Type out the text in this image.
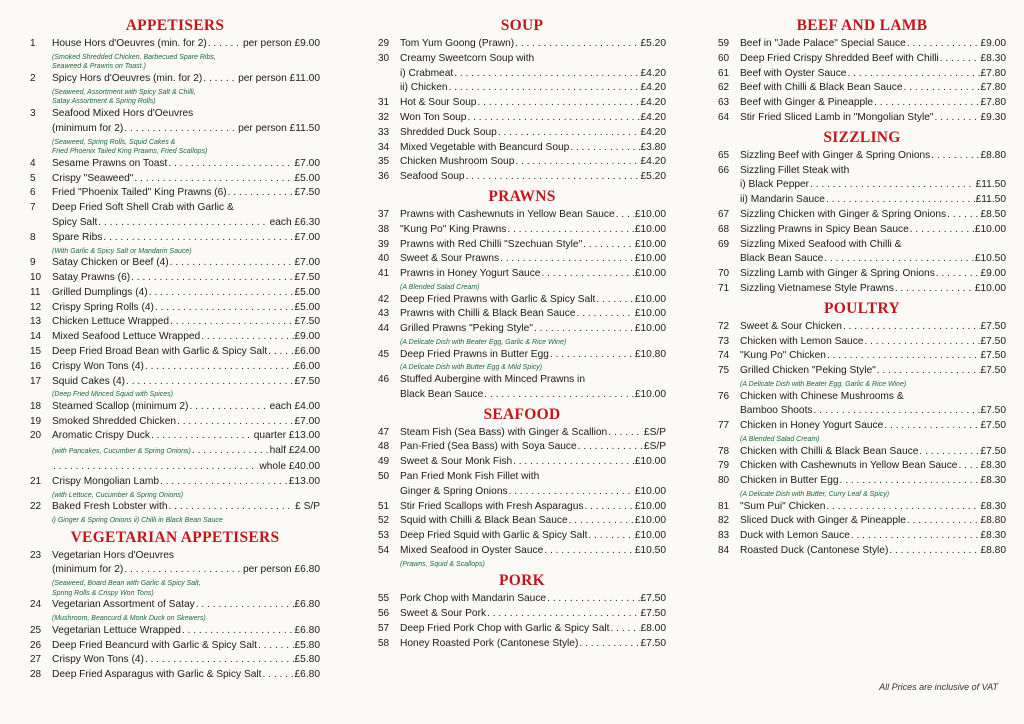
APPETISERS
1	House Hors d'Oeuvres (min. for 2) . . .	per person £9.00
(Smoked Shredded Chicken, Barbecued Spare Ribs,
Seaweed & Prawns on Toast.)
2	Spicy Hors d'Oeuvres (min. for 2) . . .	per person £11.00
(Seaweed, Assortment with Spicy Salt & Chilli,
Satay Assortment & Spring Rolls)
3	Seafood Mixed Hors d'Oeuvres
(minimum for 2) . . .	per person £11.50
(Seaweed, Spring Rolls, Squid Cakes &
Fried Phoenix Tailed King Prawns, Fried Scallops)
4	Sesame Prawns on Toast . . .	£7.00
5	Crispy "Seaweed" . . .	£5.00
6	Fried "Phoenix Tailed" King Prawns (6) . . .	£7.50
7	Deep Fried Soft Shell Crab with Garlic &
Spicy Salt . . .	each £6.30
8	Spare Ribs . . .	£7.00
(With Garlic & Spicy Salt or Mandarin Sauce)
9	Satay Chicken or Beef (4) . . .	£7.00
10	Satay Prawns (6) . . .	£7.50
11	Grilled Dumplings (4) . . .	£5.00
12	Crispy Spring Rolls (4) . . .	£5.00
13	Chicken Lettuce Wrapped . . .	£7.50
14	Mixed Seafood Lettuce Wrapped . . .	£9.00
15	Deep Fried Broad Bean with Garlic & Spicy Salt . . .	£6.00
16	Crispy Won Tons (4) . . .	£6.00
17	Squid Cakes (4) . . .	£7.50
(Deep Fried Minced Squid with Spices)
18	Steamed Scallop (minimum 2) . . .	each £4.00
19	Smoked Shredded Chicken . . .	£7.00
20	Aromatic Crispy Duck . . .	quarter £13.00
(with Pancakes, Cucumber & Spring Onions) . . .	half £24.00
. . .
whole £40.00
21	Crispy Mongolian Lamb . . .	£13.00
(with Lettuce, Cucumber & Spring Onions)
22	Baked Fresh Lobster with . . .	£ S/P
i) Ginger & Spring Onions ii) Chilli in Black Bean Sauce
VEGETARIAN APPETISERS
23	Vegetarian Hors d'Oeuvres
(minimum for 2) . . .	per person £6.80
(Seaweed, Board Bean with Garlic & Spicy Salt,
Spring Rolls & Crispy Won Tons)
24	Vegetarian Assortment of Satay . . .	£6.80
(Mushroom, Beancurd & Monk Duck on Skewers)
25	Vegetarian Lettuce Wrapped . . .	£6.80
26	Deep Fried Beancurd with Garlic & Spicy Salt . . .	£5.80
27	Crispy Won Tons (4) . . .	£5.80
28	Deep Fried Asparagus with Garlic & Spicy Salt . . .	£6.80
SOUP
29	Tom Yum Goong (Prawn) . . .	£5.20
30	Creamy Sweetcorn Soup with
i) Crabmeat . . .	£4.20
ii) Chicken . . .	£4.20
31	Hot & Sour Soup . . .	£4.20
32	Won Ton Soup . . .	£4.20
33	Shredded Duck Soup . . .	£4.20
34	Mixed Vegetable with Beancurd Soup . . .	£3.80
35	Chicken Mushroom Soup . . .	£4.20
36	Seafood Soup . . .	£5.20
PRAWNS
37	Prawns with Cashewnuts in Yellow Bean Sauce . . . £10.00
38	"Kung Po" King Prawns . . .	£10.00
39	Prawns with Red Chilli "Szechuan Style" . . .	£10.00
40	Sweet & Sour Prawns . . .	£10.00
41	Prawns in Honey Yogurt Sauce . . .	£10.00
(A Blended Salad Cream)
42	Deep Fried Prawns with Garlic & Spicy Salt . . .	£10.00
43	Prawns with Chilli & Black Bean Sauce . . .	£10.00
44	Grilled Prawns "Peking Style" . . .	£10.00
(A Delicate Dish with Beater Egg, Garlic & Rice Wine)
45	Deep Fried Prawns in Butter Egg . . .	£10.80
(A Delicate Dish with Butter Egg & Mild Spicy)
46	Stuffed Aubergine with Minced Prawns in
Black Bean Sauce . . .	£10.00
SEAFOOD
47	Steam Fish (Sea Bass) with Ginger & Scallion . . .	£S/P
48	Pan-Fried (Sea Bass) with Soya Sauce . . .	£S/P
49	Sweet & Sour Monk Fish . . .	£10.00
50	Pan Fried Monk Fish Fillet with
Ginger & Spring Onions . . .	£10.00
51	Stir Fried Scallops with Fresh Asparagus . . .	£10.00
52	Squid with Chilli & Black Bean Sauce . . .	£10.00
53	Deep Fried Squid with Garlic & Spicy Salt . . .	£10.00
54	Mixed Seafood in Oyster Sauce . . .	£10.50
(Prawns, Squid & Scallops)
PORK
55	Pork Chop with Mandarin Sauce . . .	£7.50
56	Sweet & Sour Pork . . .	£7.50
57	Deep Fried Pork Chop with Garlic & Spicy Salt . . .	£8.00
58	Honey Roasted Pork (Cantonese Style) . . .	£7.50
BEEF AND LAMB
59	Beef in "Jade Palace" Special Sauce . . .	£9.00
60	Deep Fried Crispy Shredded Beef with Chilli . . .	£8.30
61	Beef with Oyster Sauce . . .	£7.80
62	Beef with Chilli & Black Bean Sauce . . .	£7.80
63	Beef with Ginger & Pineapple . . .	£7.80
64	Stir Fried Sliced Lamb in "Mongolian Style" . . .	£9.30
SIZZLING
65	Sizzling Beef with Ginger & Spring Onions . . .	£8.80
66	Sizzling Fillet Steak with
i) Black Pepper . . .	£11.50
ii) Mandarin Sauce . . .	£11.50
67	Sizzling Chicken with Ginger & Spring Onions . . .	£8.50
68	Sizzling Prawns in Spicy Bean Sauce . . .	£10.00
69	Sizzling Mixed Seafood with Chilli &
Black Bean Sauce . . .	£10.50
70	Sizzling Lamb with Ginger & Spring Onions . . .	£9.00
71	Sizzling Vietnamese Style Prawns . . .	£10.00
POULTRY
72	Sweet & Sour Chicken . . .	£7.50
73	Chicken with Lemon Sauce . . .	£7.50
74	"Kung Po" Chicken . . .	£7.50
75	Grilled Chicken "Peking Style" . . .	£7.50
(A Delicate Dish with Beater Egg, Garlic & Rice Wine)
76	Chicken with Chinese Mushrooms &
Bamboo Shoots . . .	£7.50
77	Chicken in Honey Yogurt Sauce . . .	£7.50
(A Blended Salad Cream)
78	Chicken with Chilli & Black Bean Sauce . . .	£7.50
79	Chicken with Cashewnuts in Yellow Bean Sauce . . . £8.30
80	Chicken in Butter Egg . . .	£8.30
(A Delicate Dish with Butter, Curry Leaf & Spicy)
81	"Sum Pui" Chicken . . .	£8.30
82	Sliced Duck with Ginger & Pineapple . . .	£8.80
83	Duck with Lemon Sauce . . .	£8.30
84	Roasted Duck (Cantonese Style) . . .	£8.80
All Prices are inclusive of VAT
